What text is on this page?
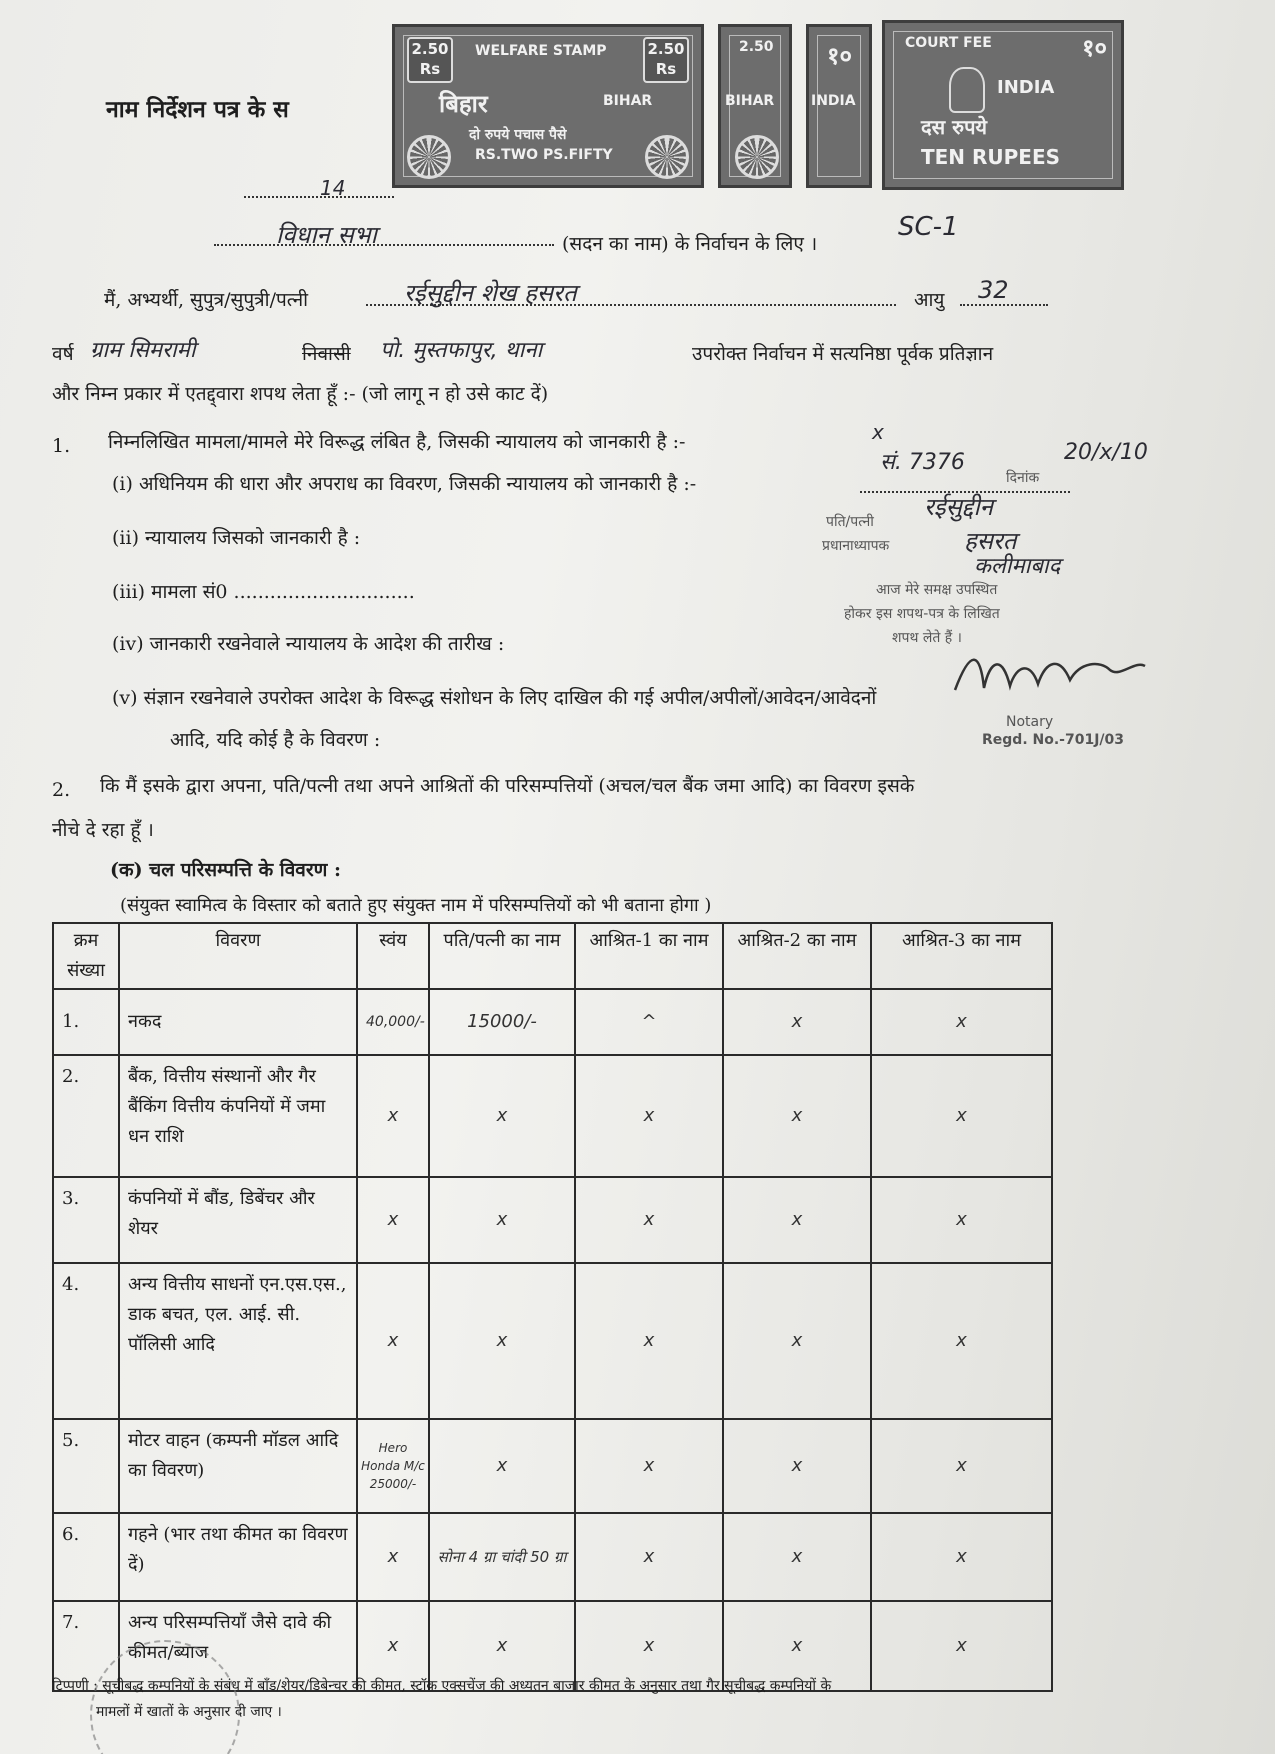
2.50
Rs
2.50
Rs
WELFARE STAMP
बिहार	BIHAR
दो रुपये पचास पैसे
RS.TWO PS.FIFTY
2.50
BIHAR
१०
INDIA
COURT FEE	१०
INDIA
दस रुपये
TEN RUPEES
नाम निर्देशन पत्र के स
14
विधान सभा	(सदन का नाम) के निर्वाचन के लिए ।
SC-1
मैं, अभ्यर्थी, सुपुत्र/सुपुत्री/पत्नी	रईसुद्दीन शेख हसरत	आयु 32
वर्ष ग्राम सिमरामी	निवासी पो. मुस्तफापुर, थाना	उपरोक्त निर्वाचन में सत्यनिष्ठा पूर्वक प्रतिज्ञान
और निम्न प्रकार में एतद्द्वारा शपथ लेता हूँ :- (जो लागू न हो उसे काट दें)
1. निम्नलिखित मामला/मामले मेरे विरूद्ध लंबित है, जिसकी न्यायालय को जानकारी है :-	x
(i) अधिनियम की धारा और अपराध का विवरण, जिसकी न्यायालय को जानकारी है :-
(ii) न्यायालय जिसको जानकारी है :
(iii) मामला सं0 ..............................
(iv) जानकारी रखनेवाले न्यायालय के आदेश की तारीख :
(v) संज्ञान रखनेवाले उपरोक्त आदेश के विरूद्ध संशोधन के लिए दाखिल की गई अपील/अपीलों/आवेदन/आवेदनों
आदि, यदि कोई है के विवरण :
सं. 7376
दिनांक
20/x/10
रईसुद्दीन
पति/पत्नी
हसरत
प्रधानाध्यापक
कलीमाबाद
आज मेरे समक्ष उपस्थित
होकर इस शपथ-पत्र के लिखित
शपथ लेते हैं ।
Notary
Regd. No.-701J/03
2. कि मैं इसके द्वारा अपना, पति/पत्नी तथा अपने आश्रितों की परिसम्पत्तियों (अचल/चल बैंक जमा आदि) का विवरण इसके
नीचे दे रहा हूँ ।
(क) चल परिसम्पत्ति के विवरण :
(संयुक्त स्वामित्व के विस्तार को बताते हुए संयुक्त नाम में परिसम्पत्तियों को भी बताना होगा )
क्रम संख्या	विवरण	स्वंय	पति/पत्नी का नाम	आश्रित-1 का नाम	आश्रित-2 का नाम	आश्रित-3 का नाम
1.	नकद	40,000/-	15000/-	^	x	x

2.	बैंक, वित्तीय संस्थानों और गैर बैंकिंग वित्तीय कंपनियों में जमा धन राशि	x	x	x	x	x

3.	कंपनियों में बौंड, डिबेंचर और शेयर	x	x	x	x	x

4.	अन्य वित्तीय साधनों एन.एस.एस., डाक बचत, एल. आई. सी. पॉलिसी आदि	x	x	x	x	x

5.	मोटर वाहन (कम्पनी मॉडल आदि का विवरण)	Hero Honda M/c 25000/-	x	x	x	x

6.	गहने (भार तथा कीमत का विवरण दें)	x	सोना 4 ग्रा चांदी 50 ग्रा	x	x	x

7.	अन्य परिसम्पत्तियाँ जैसे दावे की कीमत/ब्याज	x	x	x	x	x
टिप्पणी : सूचीबद्ध कम्पनियों के संबंध में बाँड/शेयर/डिबेन्चर की कीमत, स्टॉक एक्सचेंज की अध्यतन बाजार कीमत के अनुसार तथा गैर सूचीबद्ध कम्पनियों के
मामलों में खातों के अनुसार दी जाए ।
